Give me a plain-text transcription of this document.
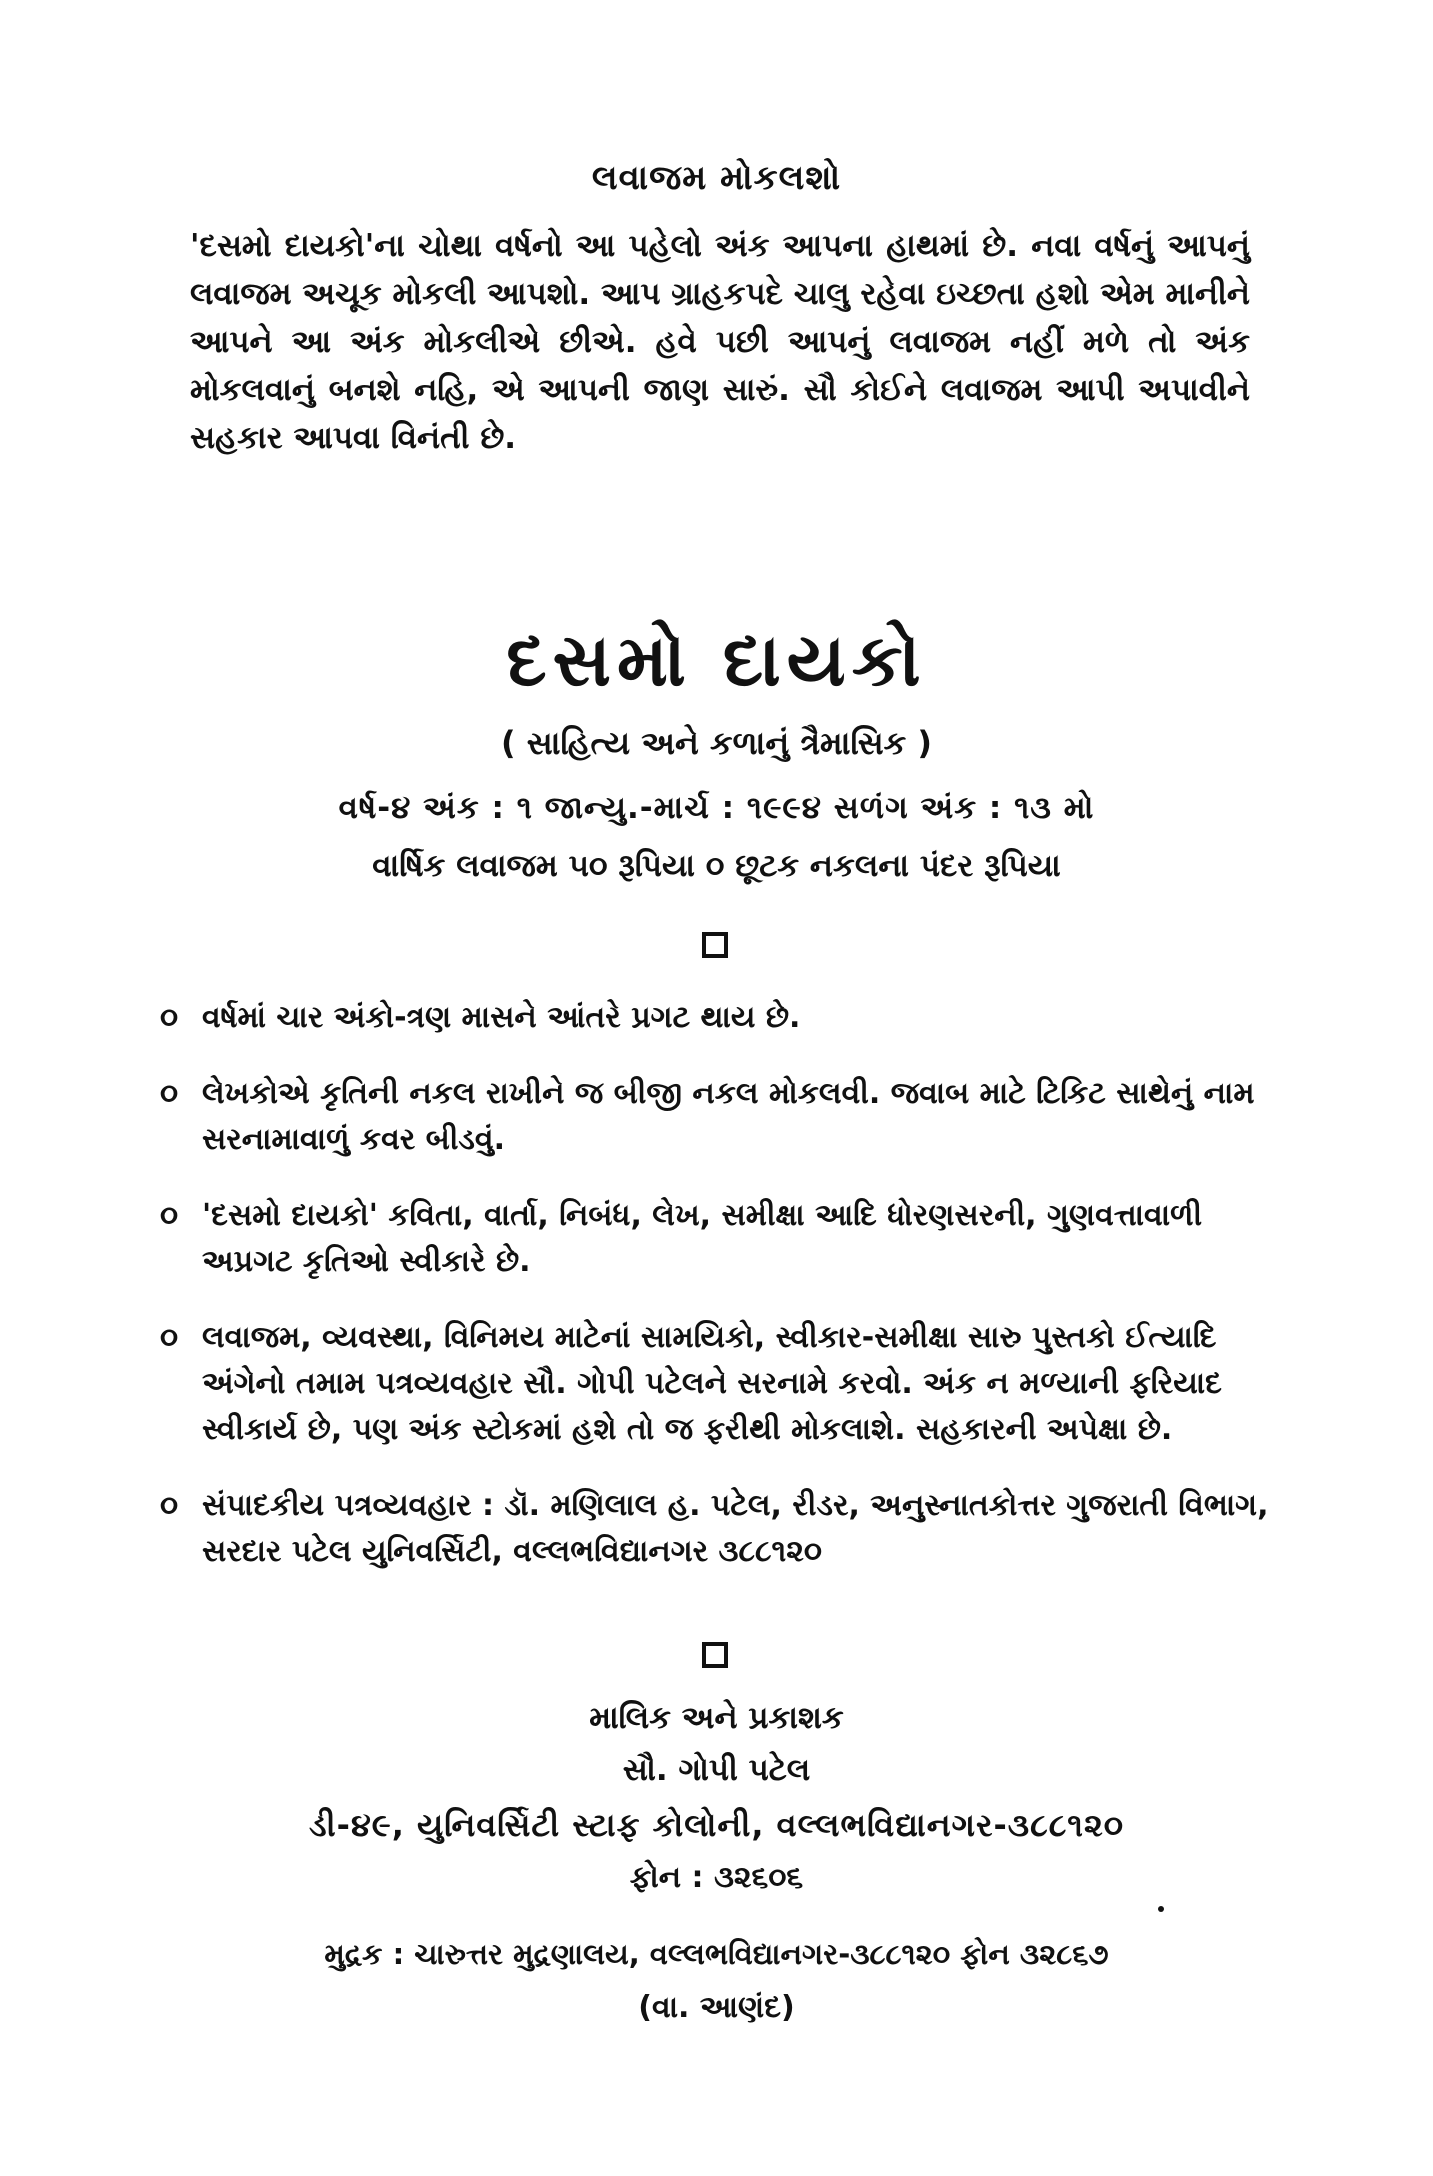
લવાજમ મોકલશો
'દસમો દાયકો'ના ચોથા વર્ષનો આ પહેલો અંક આપના હાથમાં છે. નવા વર્ષનું આપનું લવાજમ અચૂક મોકલી આપશો. આપ ગ્રાહકપદે ચાલુ રહેવા ઇચ્છતા હશો એમ માનીને આપને આ અંક મોકલીએ છીએ. હવે પછી આપનું લવાજમ નહીં મળે તો અંક મોકલવાનું બનશે નહિ, એ આપની જાણ સારું. સૌ કોઈને લવાજમ આપી અપાવીને સહકાર આપવા વિનંતી છે.
દસમો દાયકો
( સાહિત્ય અને કળાનું ત્રૈમાસિક )
વર્ષ-૪ અંક : ૧ જાન્યુ.-માર્ચ : ૧૯૯૪ સળંગ અંક : ૧૩ મો
વાર્ષિક લવાજમ ૫૦ રૂપિયા ૦ છૂટક નકલના પંદર રૂપિયા
૦ વર્ષમાં ચાર અંકો-ત્રણ માસને આંતરે પ્રગટ થાય છે.
૦ લેખકોએ કૃતિની નકલ રાખીને જ બીજી નકલ મોકલવી. જવાબ માટે ટિકિટ સાથેનું નામ સરનામાવાળું કવર બીડવું.
૦ 'દસમો દાયકો' કવિતા, વાર્તા, નિબંધ, લેખ, સમીક્ષા આદિ ધોરણસરની, ગુણવત્તાવાળી અપ્રગટ કૃતિઓ સ્વીકારે છે.
૦ લવાજમ, વ્યવસ્થા, વિનિમય માટેનાં સામયિકો, સ્વીકાર-સમીક્ષા સારુ પુસ્તકો ઈત્યાદિ અંગેનો તમામ પત્રવ્યવહાર સૌ. ગોપી પટેલને સરનામે કરવો. અંક ન મળ્યાની ફરિયાદ સ્વીકાર્ય છે, પણ અંક સ્ટોકમાં હશે તો જ ફરીથી મોકલાશે. સહકારની અપેક્ષા છે.
૦ સંપાદકીય પત્રવ્યવહાર : ડૉ. મણિલાલ હ. પટેલ, રીડર, અનુસ્નાતકોત્તર ગુજરાતી વિભાગ, સરદાર પટેલ યુનિવર્સિટી, વલ્લભવિદ્યાનગર ૩૮૮૧૨૦
માલિક અને પ્રકાશક
સૌ. ગોપી પટેલ
ડી-૪૯, યુનિવર્સિટી સ્ટાફ કોલોની, વલ્લભવિદ્યાનગર-૩૮૮૧૨૦
ફોન : ૩૨૬૦૬
મુદ્રક : ચારુત્તર મુદ્રણાલય, વલ્લભવિદ્યાનગર-૩૮૮૧૨૦ ફોન ૩૨૮૬૭
(વા. આણંદ)
